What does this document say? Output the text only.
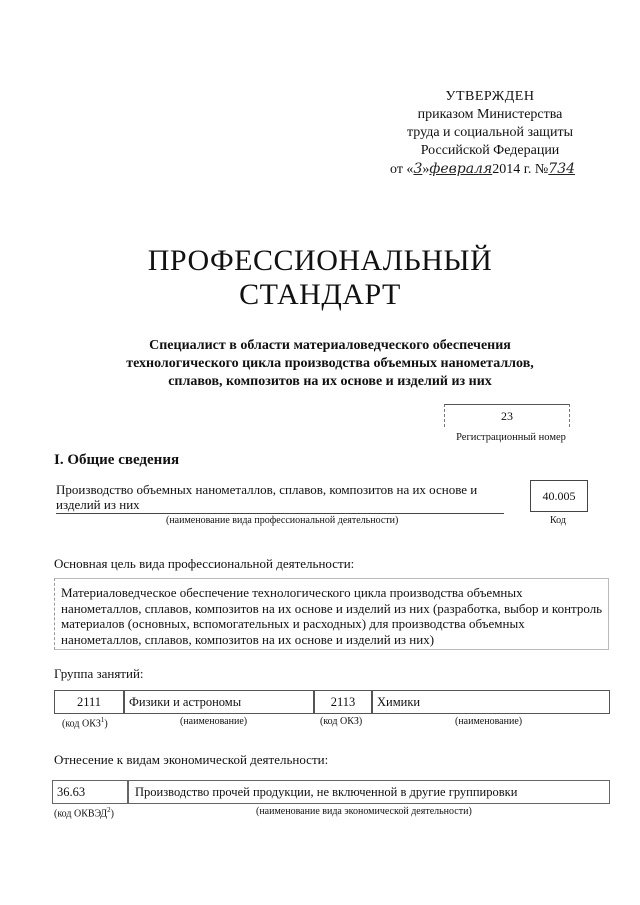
УТВЕРЖДЕН
приказом Министерства
труда и социальной защиты
Российской Федерации
от «3»февраля2014 г. №734
ПРОФЕССИОНАЛЬНЫЙ
СТАНДАРТ
Специалист в области материаловедческого обеспечения
технологического цикла производства объемных нанометаллов,
сплавов, композитов на их основе и изделий из них
23
Регистрационный номер
I. Общие сведения
Производство объемных нанометаллов, сплавов, композитов на их основе и изделий из них
40.005
(наименование вида профессиональной деятельности)	Код
Основная цель вида профессиональной деятельности:
Материаловедческое обеспечение технологического цикла производства объемных нанометаллов, сплавов, композитов на их основе и изделий из них (разработка, выбор и контроль материалов (основных, вспомогательных и расходных) для производства объемных нанометаллов, сплавов, композитов на их основе и изделий из них)
Группа занятий:
2111	Физики и астрономы	2113	Химики
(код ОКЗ$^1$)	(наименование)	(код ОКЗ)	(наименование)
Отнесение к видам экономической деятельности:
36.63	Производство прочей продукции, не включенной в другие группировки
(код ОКВЭД$^2$)	(наименование вида экономической деятельности)
